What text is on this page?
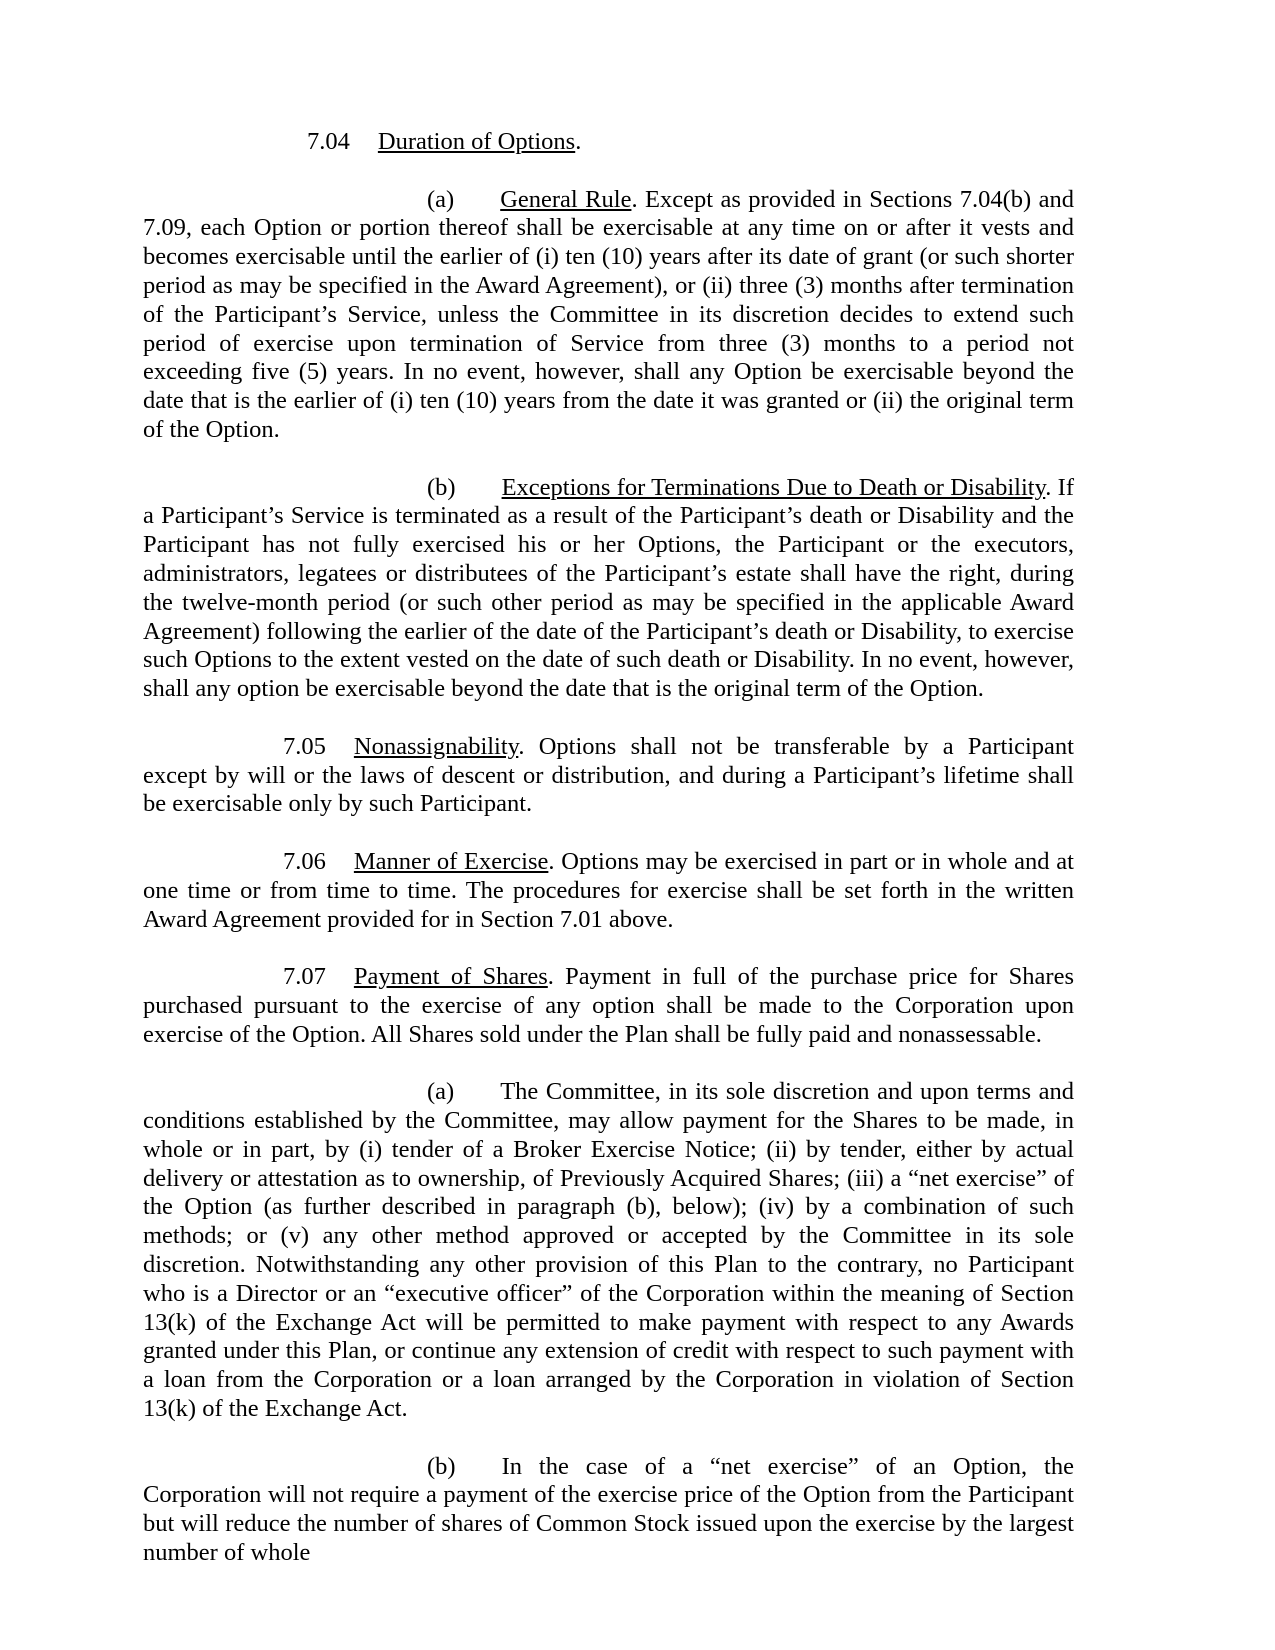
7.04 Duration of Options.

(a) General Rule. Except as provided in Sections 7.04(b) and 7.09, each Option or portion thereof shall be exercisable at any time on or after it vests and becomes exercisable until the earlier of (i) ten (10) years after its date of grant (or such shorter period as may be specified in the Award Agreement), or (ii) three (3) months after termination of the Participant’s Service, unless the Committee in its discretion decides to extend such period of exercise upon termination of Service from three (3) months to a period not exceeding five (5) years. In no event, however, shall any Option be exercisable beyond the date that is the earlier of (i) ten (10) years from the date it was granted or (ii) the original term of the Option.

(b) Exceptions for Terminations Due to Death or Disability. If a Participant’s Service is terminated as a result of the Participant’s death or Disability and the Participant has not fully exercised his or her Options, the Participant or the executors, administrators, legatees or distributees of the Participant’s estate shall have the right, during the twelve-month period (or such other period as may be specified in the applicable Award Agreement) following the earlier of the date of the Participant’s death or Disability, to exercise such Options to the extent vested on the date of such death or Disability. In no event, however, shall any option be exercisable beyond the date that is the original term of the Option.

7.05 Nonassignability. Options shall not be transferable by a Participant except by will or the laws of descent or distribution, and during a Participant’s lifetime shall be exercisable only by such Participant.

7.06 Manner of Exercise. Options may be exercised in part or in whole and at one time or from time to time. The procedures for exercise shall be set forth in the written Award Agreement provided for in Section 7.01 above.

7.07 Payment of Shares. Payment in full of the purchase price for Shares purchased pursuant to the exercise of any option shall be made to the Corporation upon exercise of the Option. All Shares sold under the Plan shall be fully paid and nonassessable.

(a) The Committee, in its sole discretion and upon terms and conditions established by the Committee, may allow payment for the Shares to be made, in whole or in part, by (i) tender of a Broker Exercise Notice; (ii) by tender, either by actual delivery or attestation as to ownership, of Previously Acquired Shares; (iii) a “net exercise” of the Option (as further described in paragraph (b), below); (iv) by a combination of such methods; or (v) any other method approved or accepted by the Committee in its sole discretion. Notwithstanding any other provision of this Plan to the contrary, no Participant who is a Director or an “executive officer” of the Corporation within the meaning of Section 13(k) of the Exchange Act will be permitted to make payment with respect to any Awards granted under this Plan, or continue any extension of credit with respect to such payment with a loan from the Corporation or a loan arranged by the Corporation in violation of Section 13(k) of the Exchange Act.

(b) In the case of a “net exercise” of an Option, the Corporation will not require a payment of the exercise price of the Option from the Participant but will reduce the number of shares of Common Stock issued upon the exercise by the largest number of whole
